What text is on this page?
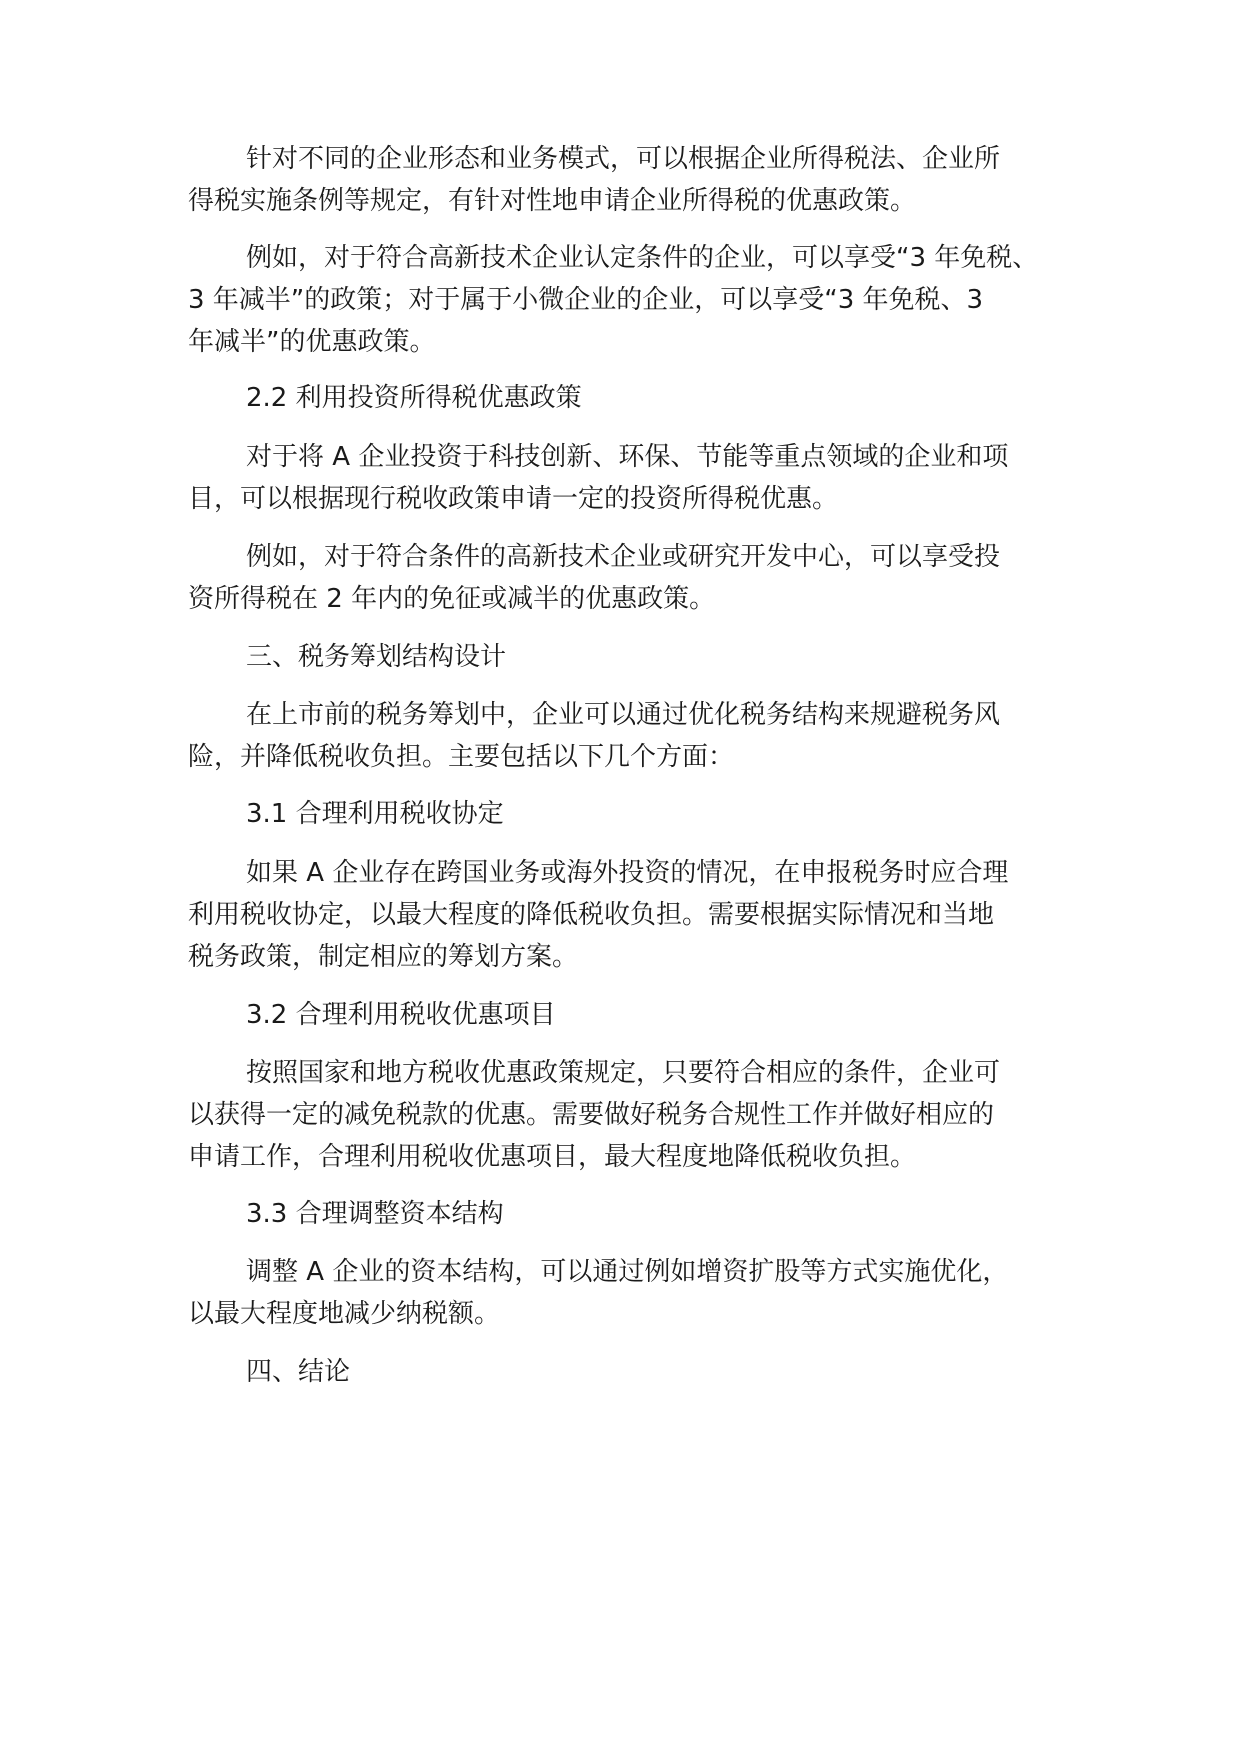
针对不同的企业形态和业务模式，可以根据企业所得税法、企业所
得税实施条例等规定，有针对性地申请企业所得税的优惠政策。
例如，对于符合高新技术企业认定条件的企业，可以享受“3 年免税、
3 年减半”的政策；对于属于小微企业的企业，可以享受“3 年免税、3
年减半”的优惠政策。
2.2 利用投资所得税优惠政策
对于将 A 企业投资于科技创新、环保、节能等重点领域的企业和项
目，可以根据现行税收政策申请一定的投资所得税优惠。
例如，对于符合条件的高新技术企业或研究开发中心，可以享受投
资所得税在 2 年内的免征或减半的优惠政策。
三、税务筹划结构设计
在上市前的税务筹划中，企业可以通过优化税务结构来规避税务风
险，并降低税收负担。主要包括以下几个方面：
3.1 合理利用税收协定
如果 A 企业存在跨国业务或海外投资的情况，在申报税务时应合理
利用税收协定，以最大程度的降低税收负担。需要根据实际情况和当地
税务政策，制定相应的筹划方案。
3.2 合理利用税收优惠项目
按照国家和地方税收优惠政策规定，只要符合相应的条件，企业可
以获得一定的减免税款的优惠。需要做好税务合规性工作并做好相应的
申请工作，合理利用税收优惠项目，最大程度地降低税收负担。
3.3 合理调整资本结构
调整 A 企业的资本结构，可以通过例如增资扩股等方式实施优化，
以最大程度地减少纳税额。
四、结论
